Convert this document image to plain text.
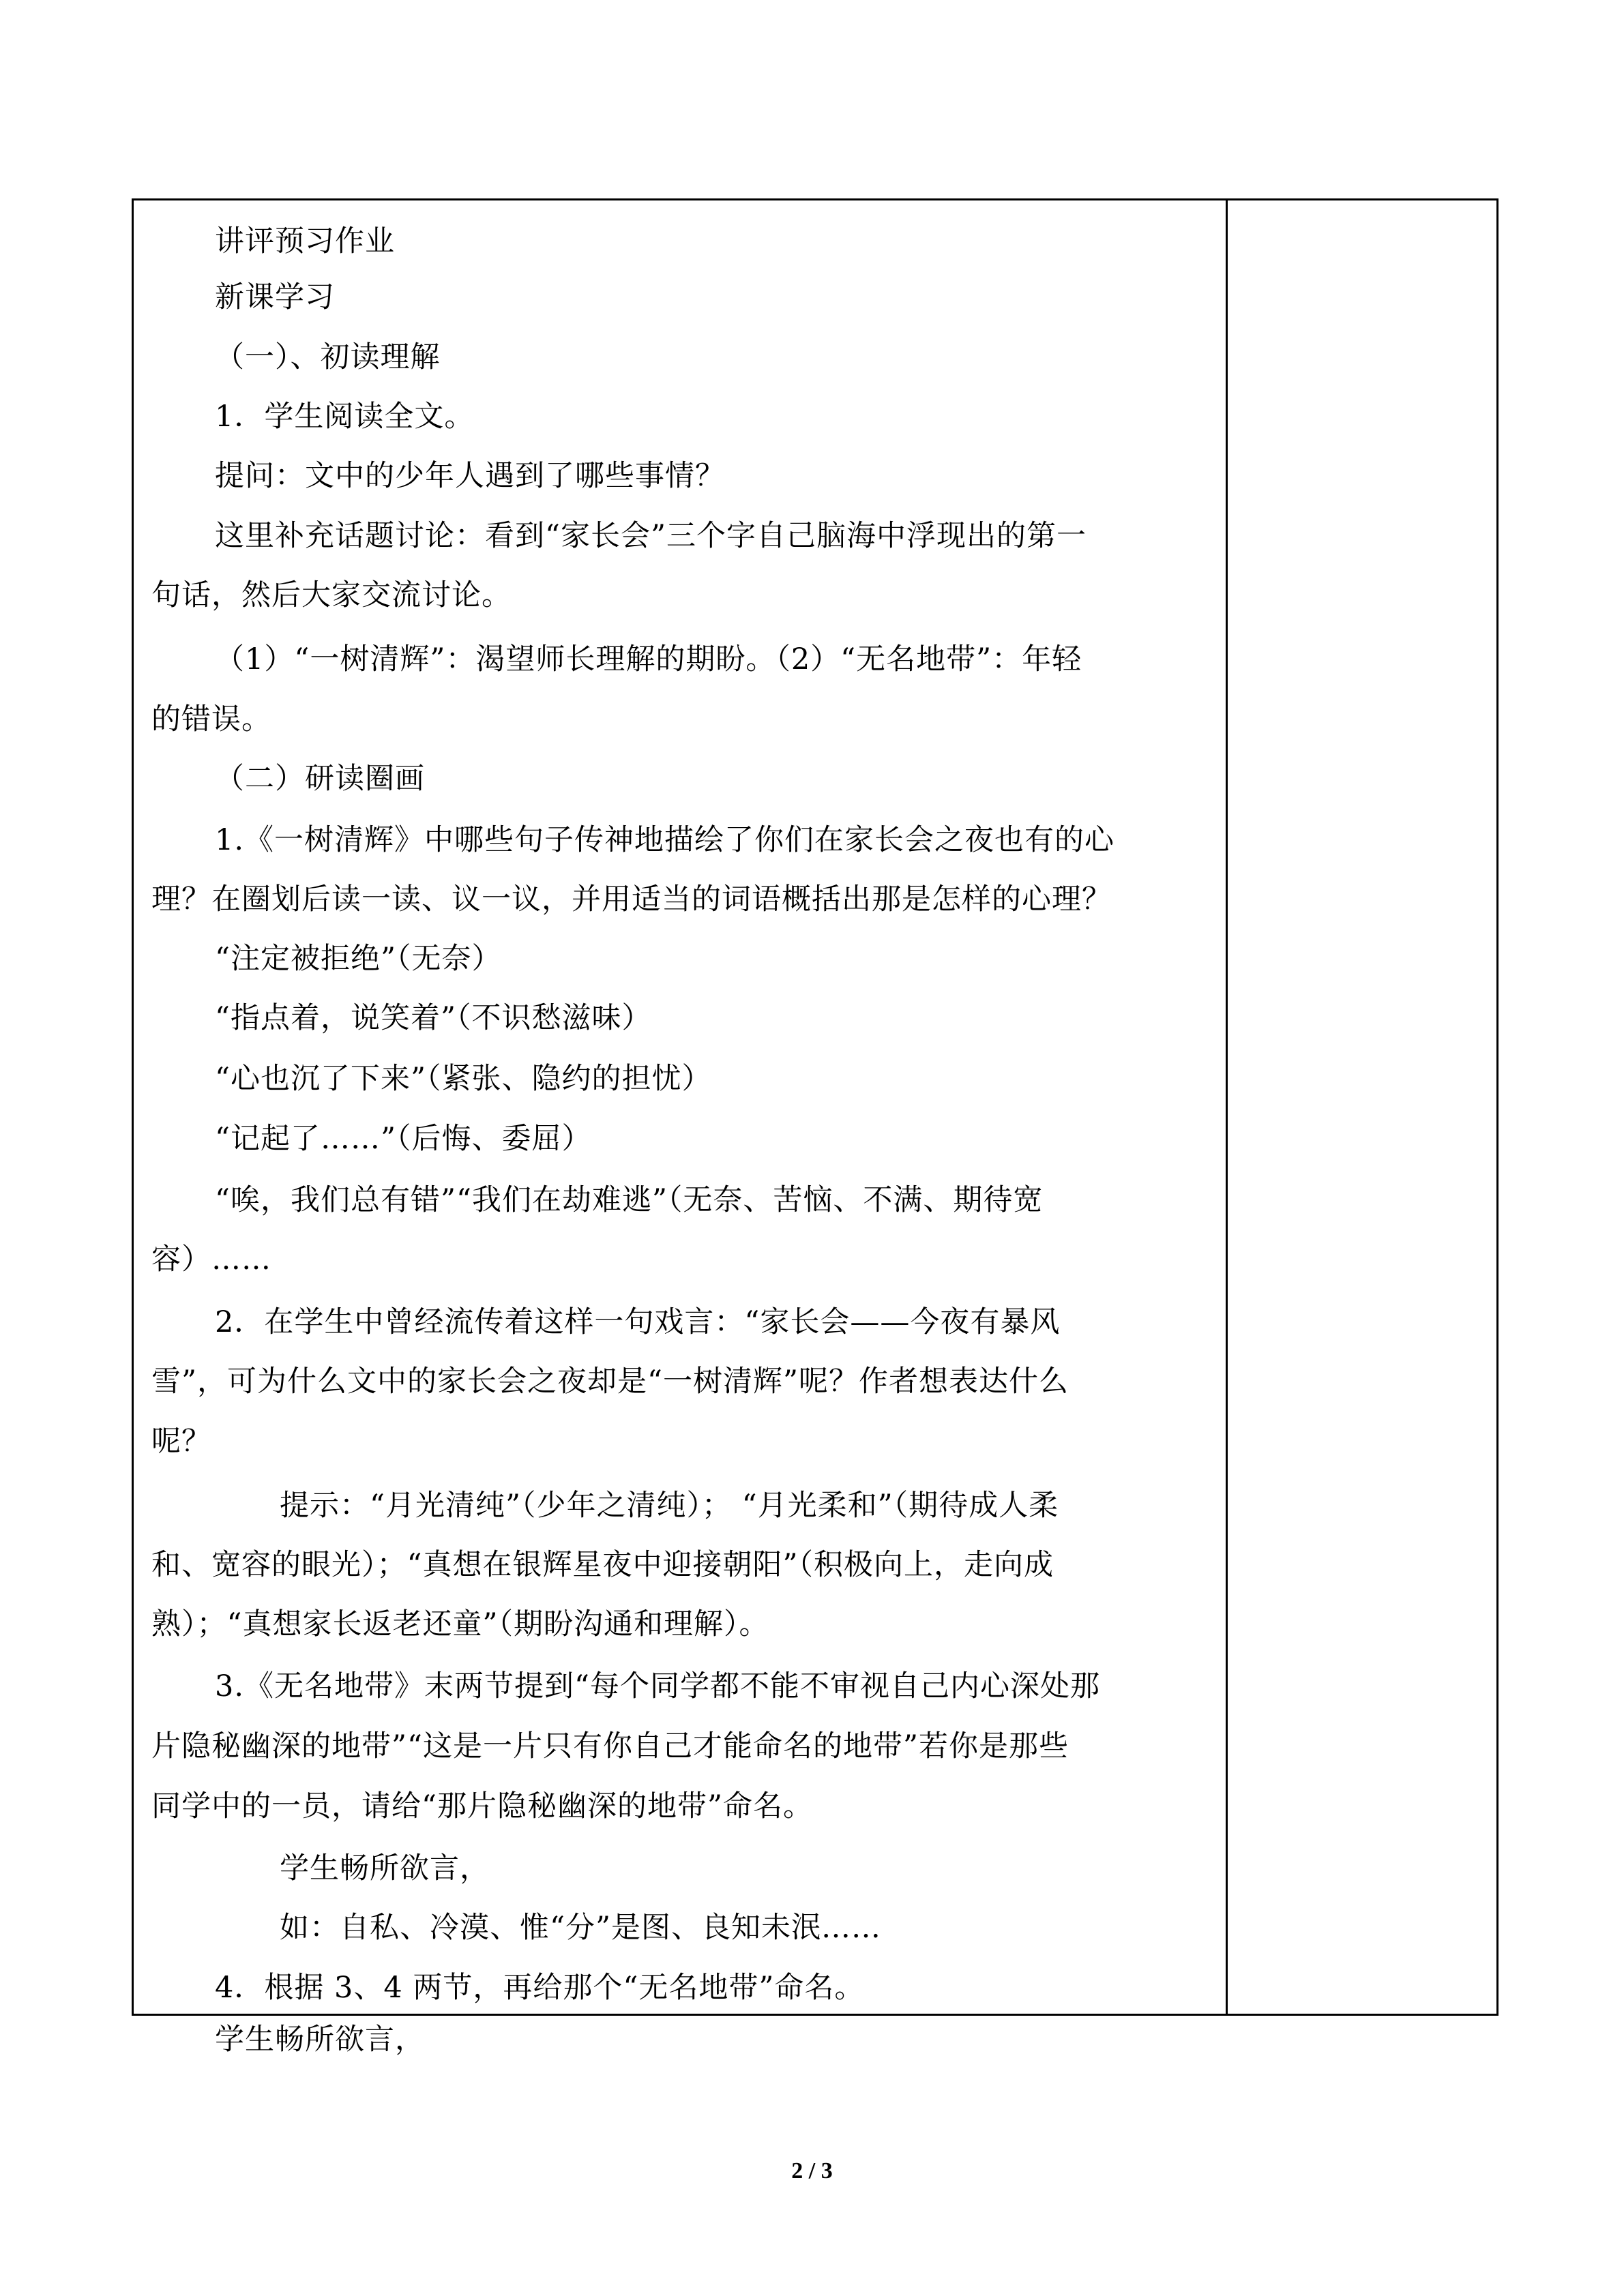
讲评预习作业
新课学习
（一）、初读理解
1．学生阅读全文。
提问：文中的少年人遇到了哪些事情？
这里补充话题讨论：看到“家长会”三个字自己脑海中浮现出的第一
句话，然后大家交流讨论。
（1）“一树清辉”：渴望师长理解的期盼。（2）“无名地带”：年轻
的错误。
（二）研读圈画
1.《一树清辉》中哪些句子传神地描绘了你们在家长会之夜也有的心
理？在圈划后读一读、议一议，并用适当的词语概括出那是怎样的心理？
“注定被拒绝”（无奈）
“指点着，说笑着”（不识愁滋味）
“心也沉了下来”（紧张、隐约的担忧）
“记起了……”（后悔、委屈）
“唉，我们总有错”“我们在劫难逃”（无奈、苦恼、不满、期待宽
容）……
2．在学生中曾经流传着这样一句戏言：“家长会——今夜有暴风
雪”，可为什么文中的家长会之夜却是“一树清辉”呢？作者想表达什么
呢？
提示：“月光清纯”（少年之清纯）； “月光柔和”（期待成人柔
和、宽容的眼光）；“真想在银辉星夜中迎接朝阳”（积极向上，走向成
熟）；“真想家长返老还童”（期盼沟通和理解）。
3.《无名地带》末两节提到“每个同学都不能不审视自己内心深处那
片隐秘幽深的地带”“这是一片只有你自己才能命名的地带”若你是那些
同学中的一员，请给“那片隐秘幽深的地带”命名。
学生畅所欲言，
如：自私、冷漠、惟“分”是图、良知未泯……
4．根据 3、4 两节，再给那个“无名地带”命名。
学生畅所欲言，
2 / 3
